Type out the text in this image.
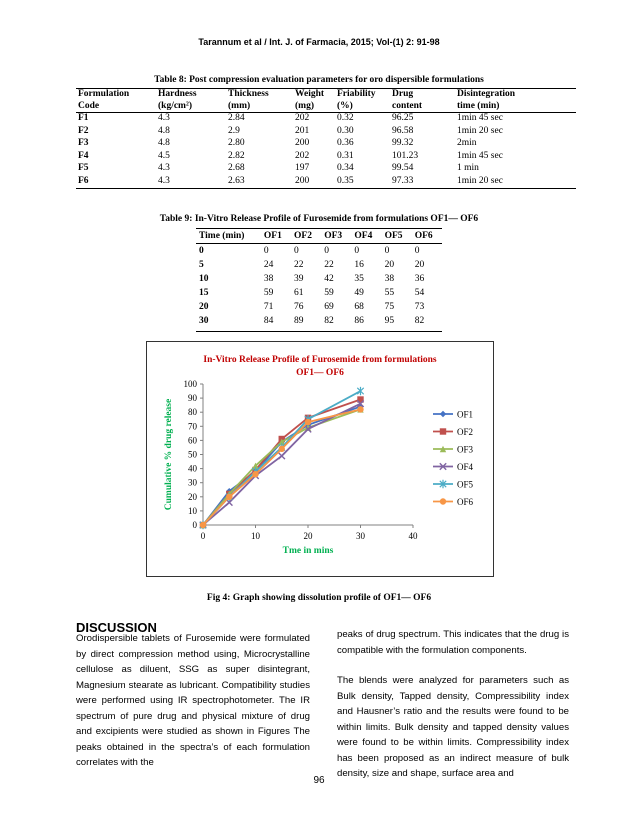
Tarannum et al / Int. J. of Farmacia, 2015; Vol-(1) 2: 91-98
Table 8: Post compression evaluation parameters for oro dispersible formulations
Formulation	Hardness	Thickness	Weight	Friability	Drug	Disintegration
Code	(kg/cm²)	(mm)	(mg)	(%)	content	time (min)
F1	4.3	2.84	202	0.32	96.25	1min 45 sec
F2	4.8	2.9	201	0.30	96.58	1min 20 sec
F3	4.8	2.80	200	0.36	99.32	2min
F4	4.5	2.82	202	0.31	101.23	1min 45 sec
F5	4.3	2.68	197	0.34	99.54	1 min
F6	4.3	2.63	200	0.35	97.33	1min 20 sec
Table 9: In-Vitro Release Profile of Furosemide from formulations OF1— OF6
Time (min)	OF1	OF2	OF3	OF4	OF5	OF6
0	0	0	0	0	0	0
5	24	22	22	16	20	20
10	38	39	42	35	38	36
15	59	61	59	49	55	54
20	71	76	69	68	75	73
30	84	89	82	86	95	82
In-Vitro Release Profile of Furosemide from formulations
OF1— OF6
0
10
20
30
40
50
60
70
80
90
100
0	10	20	30	40
Tme in mins
Cumulative % drug release	OF1
OF2
OF3
OF4
OF5
OF6
Fig 4: Graph showing dissolution profile of OF1— OF6
DISCUSSION
Orodispersible tablets of Furosemide were formulated by direct compression method using, Microcrystalline cellulose as diluent, SSG as super disintegrant, Magnesium stearate as lubricant. Compatibility studies were performed using IR spectrophotometer. The IR spectrum of pure drug and physical mixture of drug and excipients were studied as shown in Figures The peaks obtained in the spectra’s of each formulation correlates with the

peaks of drug spectrum. This indicates that the drug is compatible with the formulation components.

The blends were analyzed for parameters such as Bulk density, Tapped density, Compressibility index and Hausner’s ratio and the results were found to be within limits. Bulk density and tapped density values were found to be within limits. Compressibility index has been proposed as an indirect measure of bulk density, size and shape, surface area and

96
